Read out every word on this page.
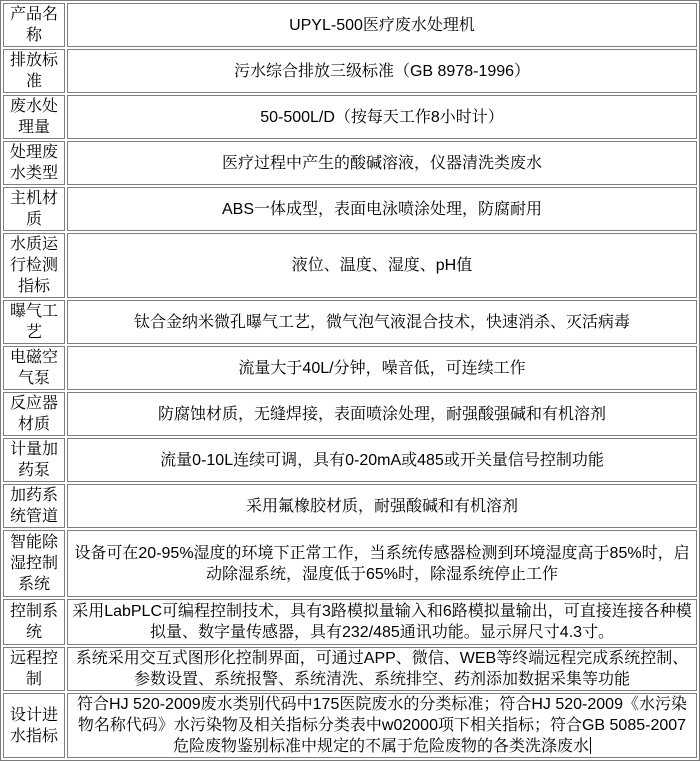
产品名称	UPYL-500医疗废水处理机
排放标准	污水综合排放三级标准（GB 8978-1996）
废水处理量	50-500L/D（按每天工作8小时计）
处理废水类型	医疗过程中产生的酸碱溶液，仪器清洗类废水
主机材质	ABS一体成型，表面电泳喷涂处理，防腐耐用
水质运行检测指标	液位、温度、湿度、pH值
曝气工艺	钛合金纳米微孔曝气工艺，微气泡气液混合技术，快速消杀、灭活病毒
电磁空气泵	流量大于40L/分钟，噪音低，可连续工作
反应器材质	防腐蚀材质，无缝焊接，表面喷涂处理，耐强酸强碱和有机溶剂
计量加药泵	流量0-10L连续可调，具有0-20mA或485或开关量信号控制功能
加药系统管道	采用氟橡胶材质，耐强酸碱和有机溶剂
智能除湿控制系统	设备可在20-95%湿度的环境下正常工作，当系统传感器检测到环境湿度高于85%时，启动除湿系统，湿度低于65%时，除湿系统停止工作
控制系统	采用LabPLC可编程控制技术，具有3路模拟量输入和6路模拟量输出，可直接连接各种模拟量、数字量传感器，具有232/485通讯功能。显示屏尺寸4.3寸。
远程控制	系统采用交互式图形化控制界面，可通过APP、微信、WEB等终端远程完成系统控制、参数设置、系统报警、系统清洗、系统排空、药剂添加数据采集等功能
设计进水指标	符合HJ 520-2009废水类别代码中175医院废水的分类标准；符合HJ 520-2009《水污染物名称代码》水污染物及相关指标分类表中w02000项下相关指标；符合GB 5085-2007危险废物鉴别标准中规定的不属于危险废物的各类洗涤废水
